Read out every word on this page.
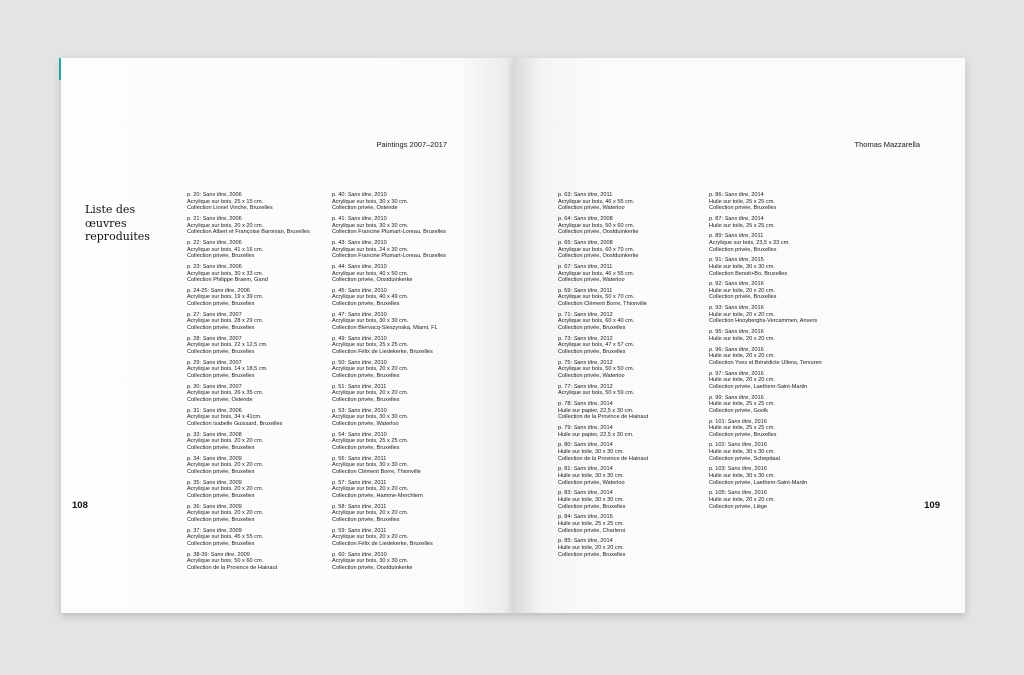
Paintings 2007–2017
Liste des
œuvres
reproduites
108
p. 20: Sans titre, 2006
Acrylique sur bois, 25 x 15 cm.
Collection Lionel Vinche, Bruxelles
p. 21: Sans titre, 2006
Acrylique sur bois, 20 x 20 cm.
Collection Albert et Françoise Baronian, Bruxelles
p. 22: Sans titre, 2006
Acrylique sur bois, 41 x 16 cm.
Collection privée, Bruxelles
p. 23: Sans titre, 2006
Acrylique sur bois, 30 x 33 cm.
Collection Philippe Braem, Gand
p. 24-25: Sans titre, 2006
Acrylique sur bois, 19 x 39 cm.
Collection privée, Bruxelles
p. 27: Sans titre, 2007
Acrylique sur bois, 28 x 29 cm.
Collection privée, Bruxelles
p. 28: Sans titre, 2007
Acrylique sur bois, 22 x 12,5 cm.
Collection privée, Bruxelles
p. 29: Sans titre, 2007
Acrylique sur bois, 14 x 18,5 cm.
Collection privée, Bruxelles
p. 30: Sans titre, 2007
Acrylique sur bois, 26 x 35 cm.
Collection privée, Ostende
p. 31: Sans titre, 2006
Acrylique sur bois, 34 x 41cm.
Collection Isabelle Guissard, Bruxelles
p. 33: Sans titre, 2008
Acrylique sur bois, 20 x 20 cm.
Collection privée, Bruxelles
p. 34: Sans titre, 2009
Acrylique sur bois, 20 x 20 cm.
Collection privée, Bruxelles
p. 35: Sans titre, 2009
Acrylique sur bois, 20 x 20 cm.
Collection privée, Bruxelles
p. 36: Sans titre, 2009
Acrylique sur bois, 20 x 20 cm.
Collection privée, Bruxelles
p. 37: Sans titre, 2009
Acrylique sur bois, 45 x 55 cm.
Collection privée, Bruxelles
p. 38-39: Sans titre, 2009
Acrylique sur bois, 50 x 60 cm.
Collection de la Province de Hainaut
p. 40: Sans titre, 2010
Acrylique sur bois, 30 x 30 cm.
Collection privée, Ostende
p. 41: Sans titre, 2010
Acrylique sur bois, 30 x 30 cm.
Collection Francine Plumart-Loreau, Bruxelles
p. 43: Sans titre, 2010
Acrylique sur bois, 24 x 30 cm.
Collection Francine Plumart-Loreau, Bruxelles
p. 44: Sans titre, 2010
Acrylique sur bois, 40 x 50 cm.
Collection privée, Oostduinkerke
p. 45: Sans titre, 2010
Acrylique sur bois, 40 x 49 cm.
Collection privée, Bruxelles
p. 47: Sans titre, 2010
Acrylique sur bois, 30 x 30 cm.
Collection Blervacq-Sleszynska, Miami, FL
p. 49: Sans titre, 2010
Acrylique sur bois, 25 x 25 cm.
Collection Félix de Liedekerke, Bruxelles
p. 50: Sans titre, 2010
Acrylique sur bois, 20 x 20 cm.
Collection privée, Bruxelles
p. 51: Sans titre, 2011
Acrylique sur bois, 20 x 20 cm.
Collection privée, Bruxelles
p. 53: Sans titre, 2010
Acrylique sur bois, 30 x 30 cm.
Collection privée, Waterloo
p. 54: Sans titre, 2010
Acrylique sur bois, 25 x 25 cm.
Collection privée, Bruxelles
p. 56: Sans titre, 2011
Acrylique sur bois, 30 x 30 cm.
Collection Clément Borre, Thionville
p. 57: Sans titre, 2011
Acrylique sur bois, 20 x 20 cm.
Collection privée, Hamme-Merchtem
p. 58: Sans titre, 2011
Acrylique sur bois, 20 x 20 cm.
Collection privée, Bruxelles
p. 59: Sans titre, 2011
Acrylique sur bois, 20 x 20 cm.
Collection Félix de Liedekerke, Bruxelles
p. 60: Sans titre, 2010
Acrylique sur bois, 30 x 30 cm.
Collection privée, Oostduinkerke
Thomas Mazzarella
109
p. 63: Sans titre, 2011
Acrylique sur bois, 46 x 55 cm.
Collection privée, Waterloo
p. 64: Sans titre, 2008
Acrylique sur bois, 50 x 60 cm.
Collection privée, Oostduinkerke
p. 65: Sans titre, 2008
Acrylique sur bois, 60 x 70 cm.
Collection privée, Oostduinkerke
p. 67: Sans titre, 2011
Acrylique sur bois, 46 x 55 cm.
Collection privée, Waterloo
p. 69: Sans titre, 2011
Acrylique sur bois, 50 x 70 cm.
Collection Clément Borre, Thionville
p. 71: Sans titre, 2012
Acrylique sur bois, 60 x 40 cm.
Collection privée, Bruxelles
p. 73: Sans titre, 2012
Acrylique sur bois, 47 x 57 cm.
Collection privée, Bruxelles
p. 75: Sans titre, 2012
Acrylique sur bois, 50 x 50 cm.
Collection privée, Waterloo
p. 77: Sans titre, 2012
Acrylique sur bois, 50 x 59 cm.
p. 78: Sans titre, 2014
Huile sur papier, 22,5 x 30 cm.
Collection de la Province de Hainaut
p. 79: Sans titre, 2014
Huile sur papier, 22,5 x 30 cm.
p. 80: Sans titre, 2014
Huile sur toile, 30 x 30 cm.
Collection de la Province de Hainaut
p. 81: Sans titre, 2014
Huile sur toile, 30 x 30 cm.
Collection privée, Waterloo
p. 83: Sans titre, 2014
Huile sur toile, 30 x 30 cm.
Collection privée, Bruxelles
p. 84: Sans titre, 2015
Huile sur toile, 25 x 25 cm.
Collection privée, Charleroi
p. 85: Sans titre, 2014
Huile sur toile, 20 x 20 cm.
Collection privée, Bruxelles
p. 86: Sans titre, 2014
Huile sur toile, 25 x 25 cm.
Collection privée, Bruxelles
p. 87: Sans titre, 2014
Huile sur toile, 25 x 25 cm.
p. 89: Sans titre, 2011
Acrylique sur bois, 23,5 x 33 cm.
Collection privée, Bruxelles
p. 91: Sans titre, 2015
Huile sur toile, 30 x 30 cm.
Collection Benoit+Bo, Bruxelles
p. 92: Sans titre, 2016
Huile sur toile, 20 x 20 cm.
Collection privée, Bruxelles
p. 93: Sans titre, 2016
Huile sur toile, 20 x 20 cm.
Collection Hooyberghs-Vercammen, Anvers
p. 95: Sans titre, 2016
Huile sur toile, 20 x 20 cm.
p. 96: Sans titre, 2016
Huile sur toile, 20 x 20 cm.
Collection Yves et Bénédicte Ullens, Tervuren
p. 97: Sans titre, 2016
Huile sur toile, 20 x 20 cm.
Collection privée, Laethem-Saint-Martin
p. 99: Sans titre, 2016
Huile sur toile, 25 x 25 cm.
Collection privée, Goolk
p. 101: Sans titre, 2016
Huile sur toile, 25 x 25 cm.
Collection privée, Bruxelles
p. 102: Sans titre, 2016
Huile sur toile, 30 x 30 cm.
Collection privée, Schepdaal
p. 103: Sans titre, 2016
Huile sur toile, 30 x 30 cm.
Collection privée, Laethem-Saint-Martin
p. 105: Sans titre, 2016
Huile sur toile, 20 x 20 cm.
Collection privée, Liège
